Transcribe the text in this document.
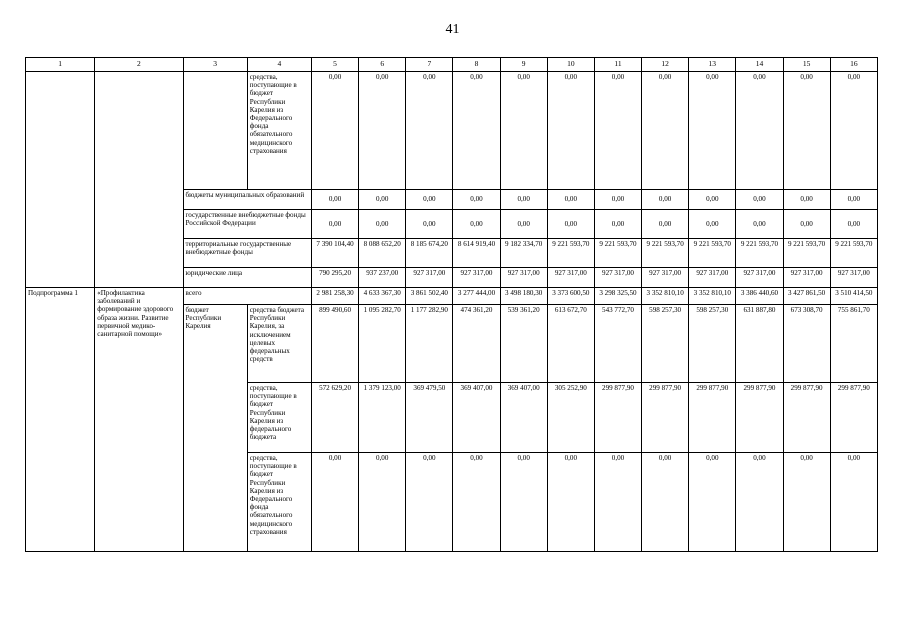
41
1	2	3	4	5	6	7	8	9	10	11	12	13	14	15	16
			средства, поступающие в бюджет Республики Карелия из Федерального фонда обязательного медицинского страхования	0,00	0,00	0,00	0,00	0,00	0,00	0,00	0,00	0,00	0,00	0,00	0,00
		бюджеты муниципальных образований		0,00	0,00	0,00	0,00	0,00	0,00	0,00	0,00	0,00	0,00	0,00	0,00
		государственные внебюджетные фонды Российской Федерации		0,00	0,00	0,00	0,00	0,00	0,00	0,00	0,00	0,00	0,00	0,00	0,00
		территориальные государственные внебюджетные фонды		7 390 104,40	8 088 652,20	8 185 674,20	8 614 919,40	9 182 334,70	9 221 593,70	9 221 593,70	9 221 593,70	9 221 593,70	9 221 593,70	9 221 593,70	9 221 593,70
		юридические лица		790 295,20	937 237,00	927 317,00	927 317,00	927 317,00	927 317,00	927 317,00	927 317,00	927 317,00	927 317,00	927 317,00	927 317,00
Подпрограмма 1	«Профилактика заболеваний и формирование здорового образа жизни. Развитие первичной медико-санитарной помощи»	всего		2 981 258,30	4 633 367,30	3 861 502,40	3 277 444,00	3 498 180,30	3 373 600,50	3 298 325,50	3 352 810,10	3 352 810,10	3 386 440,60	3 427 861,50	3 510 414,50
		бюджет Республики Карелия	средства бюджета Республики Карелия, за исключением целевых федеральных средств	899 490,60	1 095 282,70	1 177 282,90	474 361,20	539 361,20	613 672,70	543 772,70	598 257,30	598 257,30	631 887,80	673 308,70	755 861,70
			средства, поступающие в бюджет Республики Карелия из федерального бюджета	572 629,20	1 379 123,00	369 479,50	369 407,00	369 407,00	305 252,90	299 877,90	299 877,90	299 877,90	299 877,90	299 877,90	299 877,90
			средства, поступающие в бюджет Республики Карелия из Федерального фонда обязательного медицинского страхования	0,00	0,00	0,00	0,00	0,00	0,00	0,00	0,00	0,00	0,00	0,00	0,00
